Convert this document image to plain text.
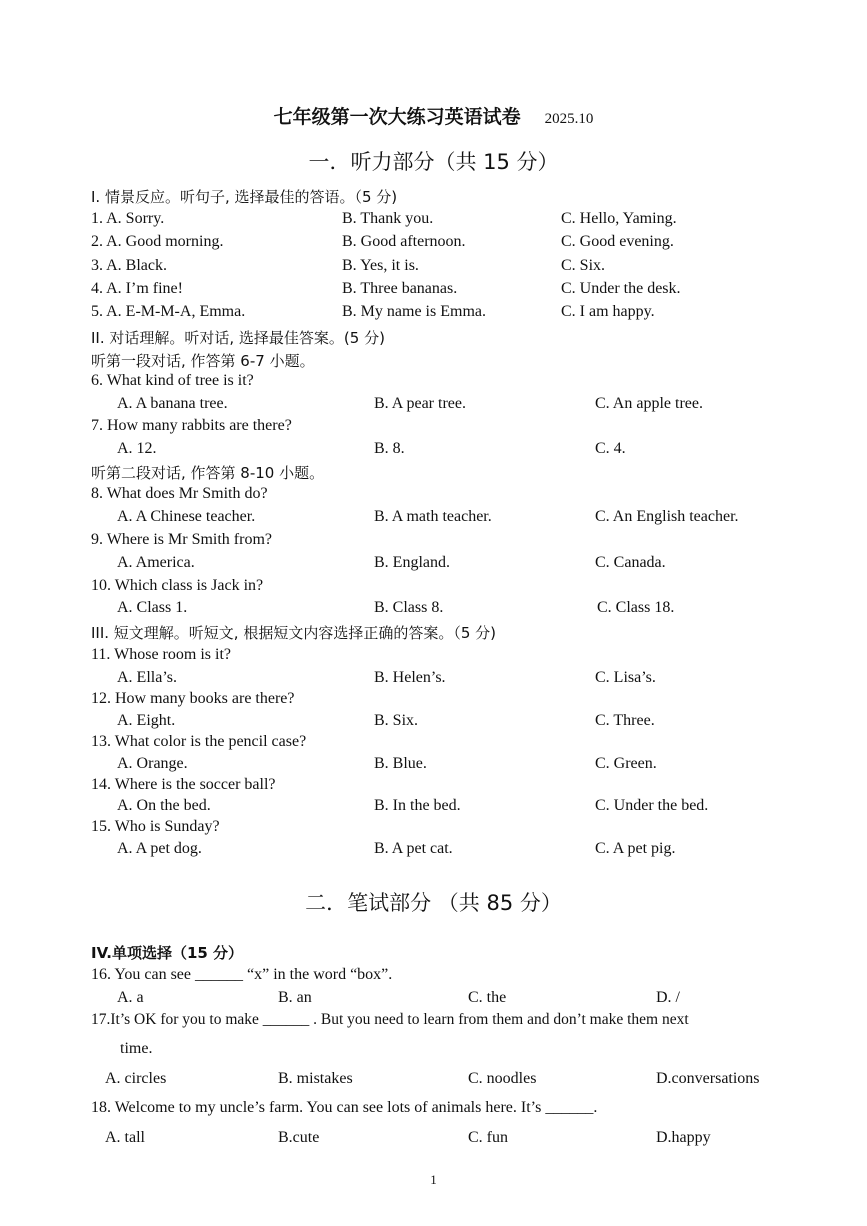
七年级第一次大练习英语试卷 2025.10
一．听力部分（共 15 分）
I. 情景反应。听句子, 选择最佳的答语。（5 分)
1. A. Sorry.	B. Thank you.	C. Hello, Yaming.
2. A. Good morning.	B. Good afternoon.	C. Good evening.
3. A. Black.	B. Yes, it is.	C. Six.
4. A. I’m fine!	B. Three bananas.	C. Under the desk.
5. A. E-M-M-A, Emma.	B. My name is Emma.	C. I am happy.
II. 对话理解。听对话, 选择最佳答案。(5 分)
听第一段对话, 作答第 6-7 小题。
6. What kind of tree is it?
A. A banana tree.	B. A pear tree.	C. An apple tree.
7. How many rabbits are there?
A. 12.	B. 8.	C. 4.
听第二段对话, 作答第 8-10 小题。
8. What does Mr Smith do?
A. A Chinese teacher.	B. A math teacher.	C. An English teacher.
9. Where is Mr Smith from?
A. America.	B. England.	C. Canada.
10. Which class is Jack in?
A. Class 1.	B. Class 8.	C. Class 18.
III. 短文理解。听短文, 根据短文内容选择正确的答案。（5 分)
11. Whose room is it?
A. Ella’s.	B. Helen’s.	C. Lisa’s.
12. How many books are there?
A. Eight.	B. Six.	C. Three.
13. What color is the pencil case?
A. Orange.	B. Blue.	C. Green.
14. Where is the soccer ball?
A. On the bed.	B. In the bed.	C. Under the bed.
15. Who is Sunday?
A. A pet dog.	B. A pet cat.	C. A pet pig.
二．笔试部分 （共 85 分）
IV.单项选择（15 分）
16. You can see ______ “x” in the word “box”.
A. a	B. an	C. the	D. /
17.It’s OK for you to make ______ . But you need to learn from them and don’t make them next
time.
A. circles	B. mistakes	C. noodles	D.conversations
18. Welcome to my uncle’s farm. You can see lots of animals here. It’s ______.
A. tall	B.cute	C. fun	D.happy
1
